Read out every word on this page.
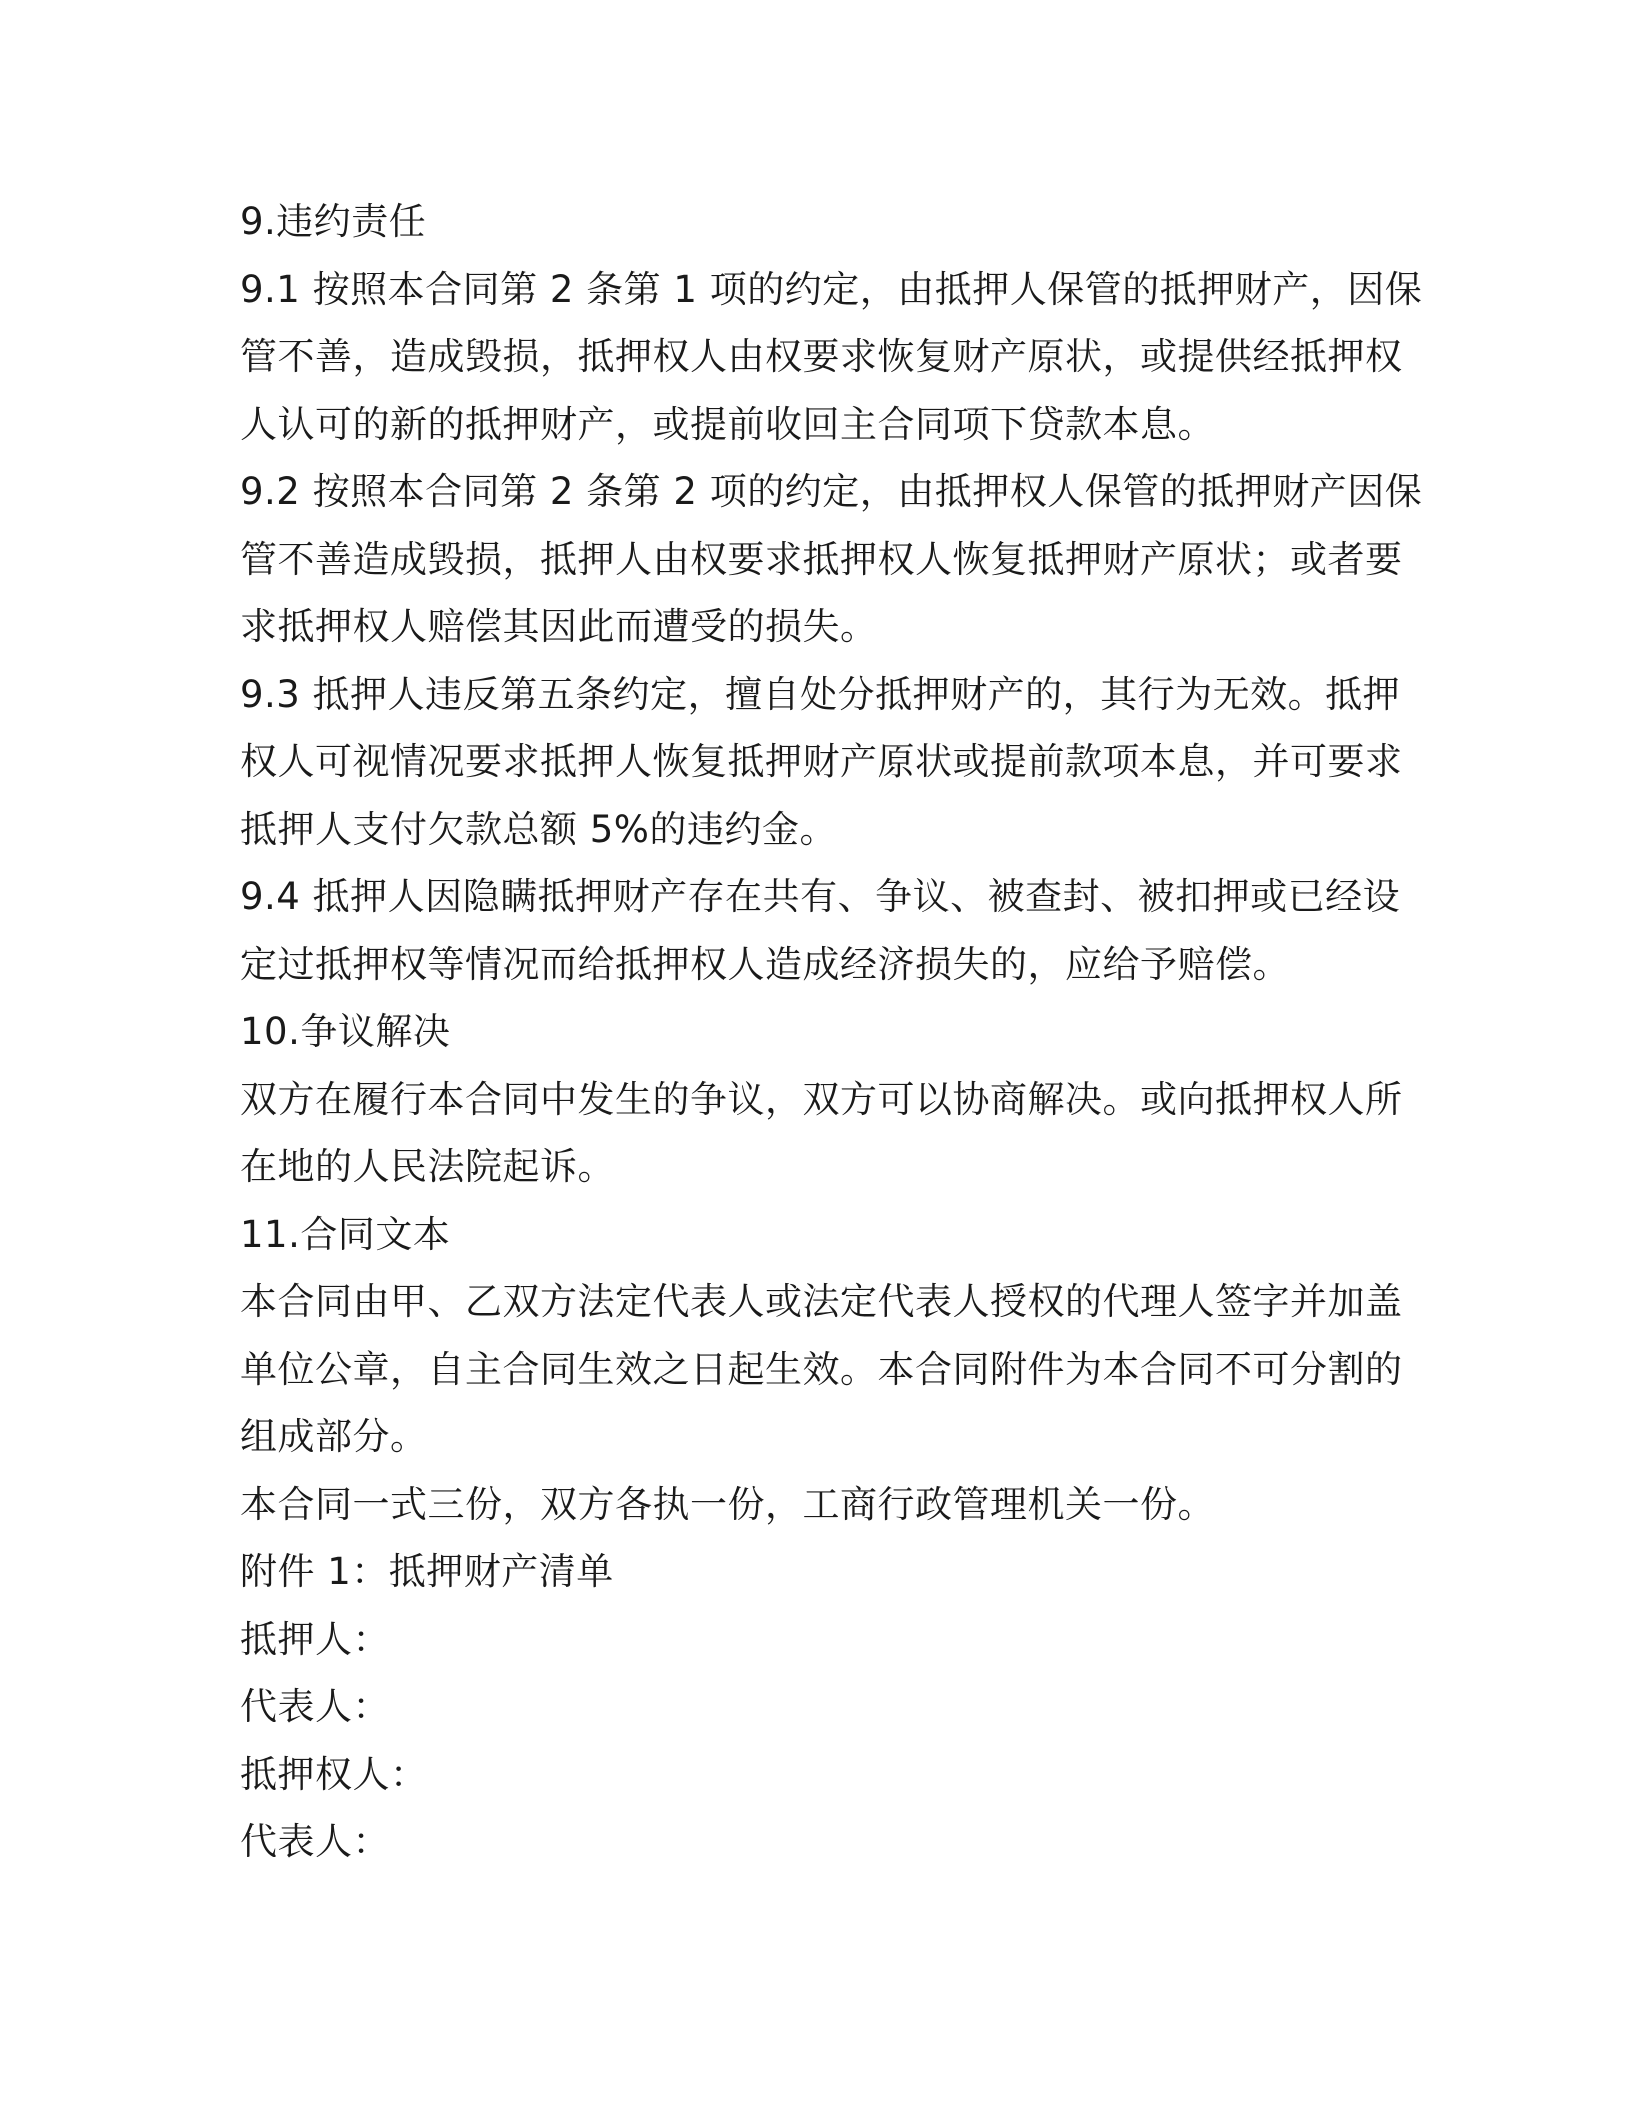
9.违约责任
9.1 按照本合同第 2 条第 1 项的约定，由抵押人保管的抵押财产，因保
管不善，造成毁损，抵押权人由权要求恢复财产原状，或提供经抵押权
人认可的新的抵押财产，或提前收回主合同项下贷款本息。
9.2 按照本合同第 2 条第 2 项的约定，由抵押权人保管的抵押财产因保
管不善造成毁损，抵押人由权要求抵押权人恢复抵押财产原状；或者要
求抵押权人赔偿其因此而遭受的损失。
9.3 抵押人违反第五条约定，擅自处分抵押财产的，其行为无效。抵押
权人可视情况要求抵押人恢复抵押财产原状或提前款项本息，并可要求
抵押人支付欠款总额 5%的违约金。
9.4 抵押人因隐瞒抵押财产存在共有、争议、被查封、被扣押或已经设
定过抵押权等情况而给抵押权人造成经济损失的，应给予赔偿。
10.争议解决
双方在履行本合同中发生的争议，双方可以协商解决。或向抵押权人所
在地的人民法院起诉。
11.合同文本
本合同由甲、乙双方法定代表人或法定代表人授权的代理人签字并加盖
单位公章，自主合同生效之日起生效。本合同附件为本合同不可分割的
组成部分。
本合同一式三份，双方各执一份，工商行政管理机关一份。
附件 1：抵押财产清单
抵押人：
代表人：
抵押权人：
代表人：
